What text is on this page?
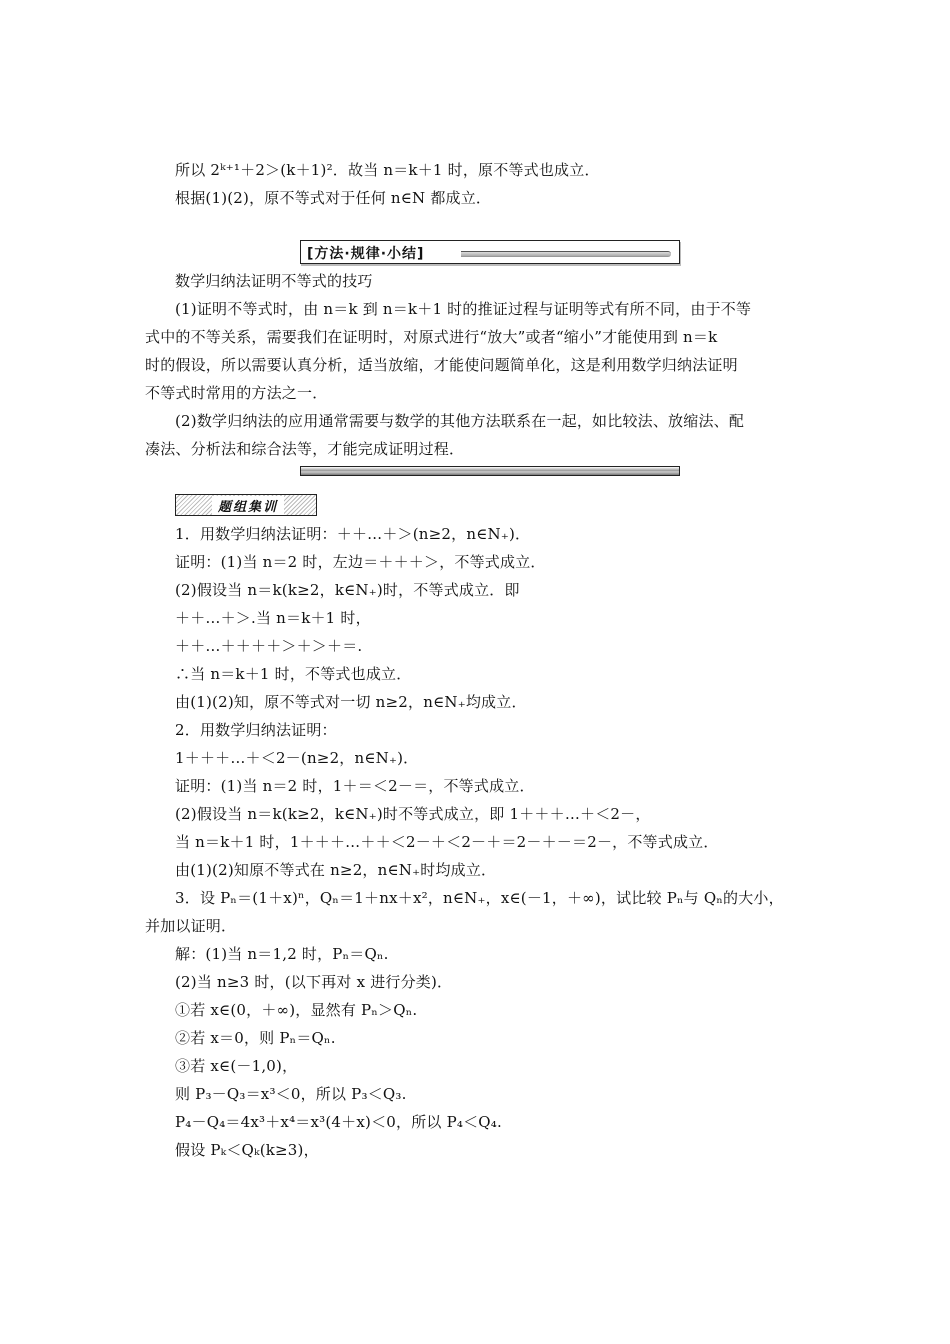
所以 2ᵏ⁺¹＋2＞(k＋1)²．故当 n＝k＋1 时，原不等式也成立．
根据(1)(2)，原不等式对于任何 n∈N 都成立．
[方法·规律·小结]
数学归纳法证明不等式的技巧
(1)证明不等式时，由 n＝k 到 n＝k＋1 时的推证过程与证明等式有所不同，由于不等
式中的不等关系，需要我们在证明时，对原式进行“放大”或者“缩小”才能使用到 n＝k
时的假设，所以需要认真分析，适当放缩，才能使问题简单化，这是利用数学归纳法证明
不等式时常用的方法之一．
(2)数学归纳法的应用通常需要与数学的其他方法联系在一起，如比较法、放缩法、配
凑法、分析法和综合法等，才能完成证明过程．
题组集训
1．用数学归纳法证明：＋＋…＋＞(n≥2，n∈N₊)．
证明：(1)当 n＝2 时，左边＝＋＋＋＞，不等式成立．
(2)假设当 n＝k(k≥2，k∈N₊)时，不等式成立．即
＋＋…＋＞.当 n＝k＋1 时，
＋＋…＋＋＋＋＞＋＞＋＝.
∴当 n＝k＋1 时，不等式也成立．
由(1)(2)知，原不等式对一切 n≥2，n∈N₊均成立．
2．用数学归纳法证明：
1＋＋＋…＋＜2－(n≥2，n∈N₊)．
证明：(1)当 n＝2 时，1＋＝＜2－＝，不等式成立．
(2)假设当 n＝k(k≥2，k∈N₊)时不等式成立，即 1＋＋＋…＋＜2－，
当 n＝k＋1 时，1＋＋＋…＋＋＜2－＋＜2－＋＝2－＋－＝2－，不等式成立．
由(1)(2)知原不等式在 n≥2，n∈N₊时均成立．
3．设 Pₙ＝(1＋x)ⁿ，Qₙ＝1＋nx＋x²，n∈N₊，x∈(－1，＋∞)，试比较 Pₙ与 Qₙ的大小，
并加以证明．
解：(1)当 n＝1,2 时，Pₙ＝Qₙ.
(2)当 n≥3 时，(以下再对 x 进行分类)．
①若 x∈(0，＋∞)，显然有 Pₙ＞Qₙ.
②若 x＝0，则 Pₙ＝Qₙ.
③若 x∈(－1,0)，
则 P₃－Q₃＝x³＜0，所以 P₃＜Q₃.
P₄－Q₄＝4x³＋x⁴＝x³(4＋x)＜0，所以 P₄＜Q₄.
假设 Pₖ＜Qₖ(k≥3)，
